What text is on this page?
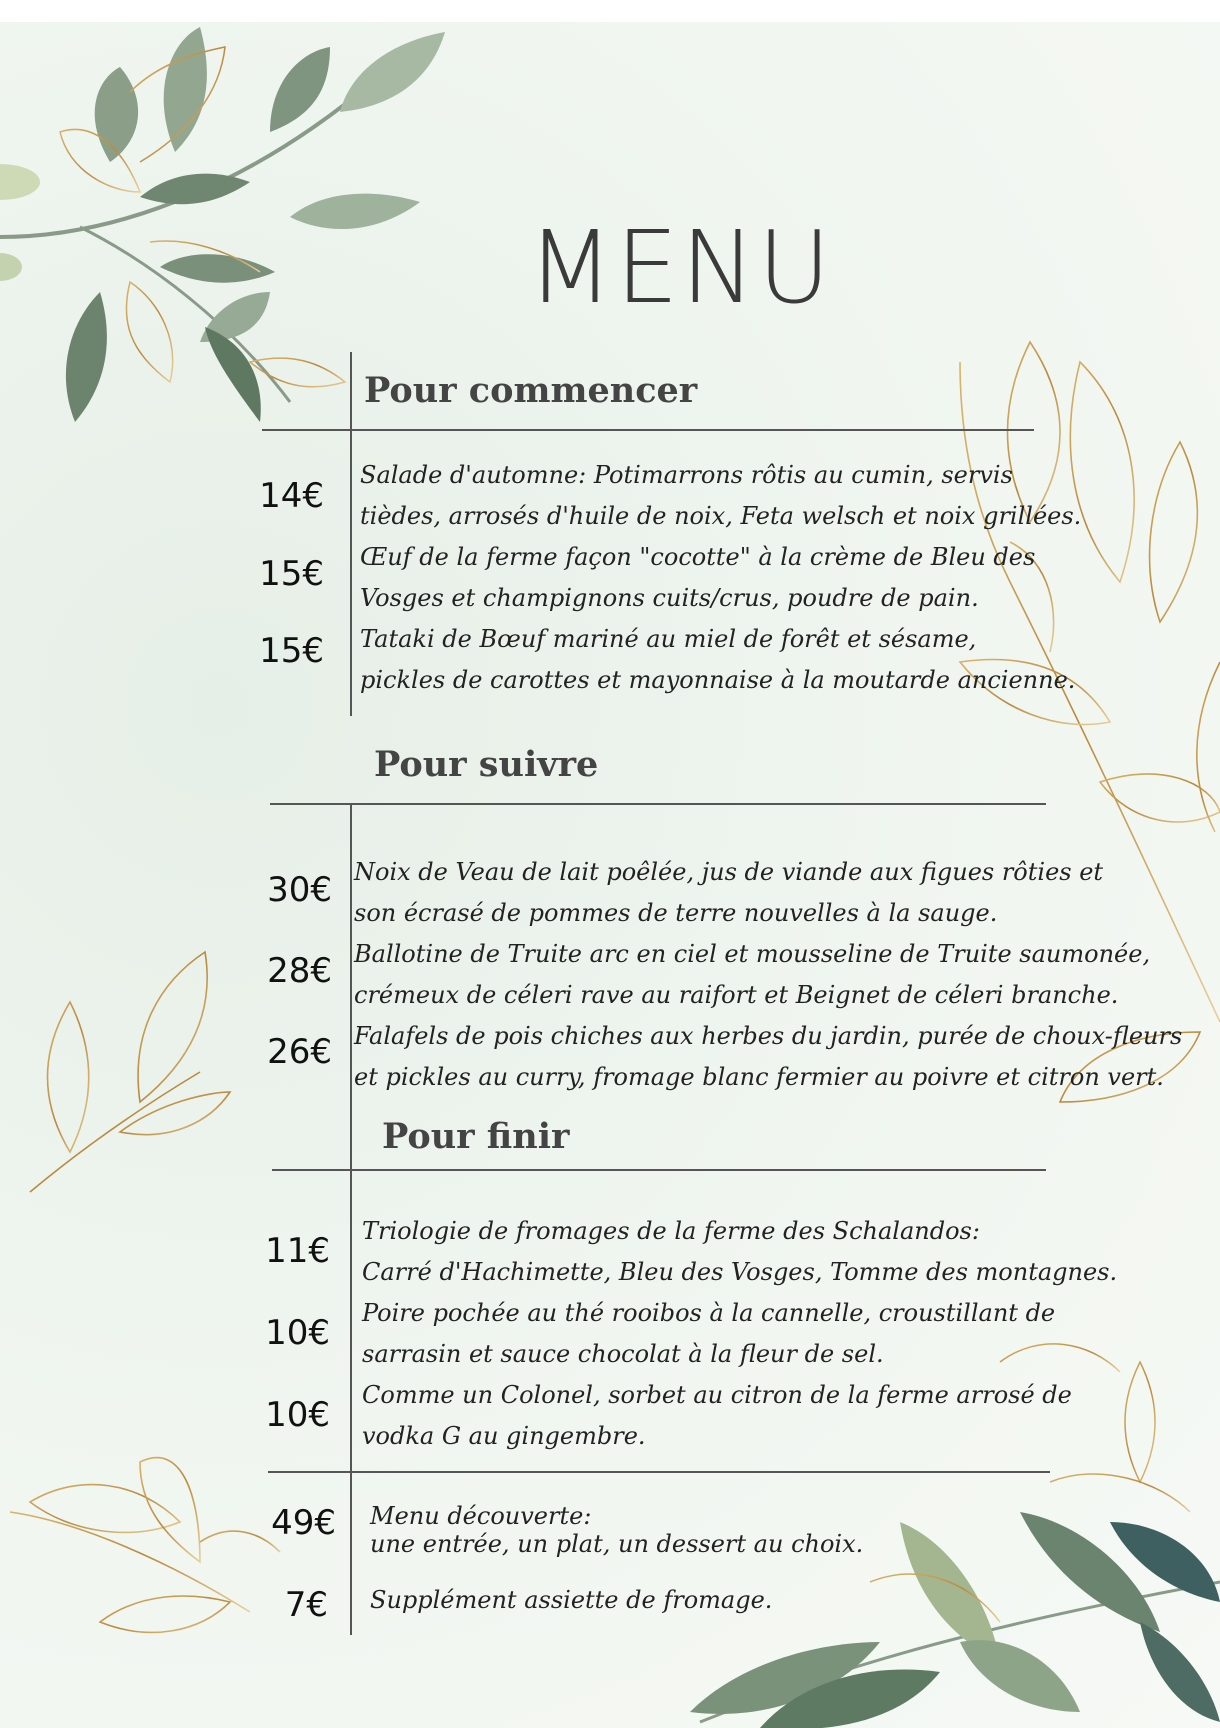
MENU
Pour commencer
14€
Salade d'automne: Potimarrons rôtis au cumin, servis
tièdes, arrosés d'huile de noix, Feta welsch et noix grillées.
15€ Œuf de la ferme façon "cocotte" à la crème de Bleu des
Vosges et champignons cuits/crus, poudre de pain.
15€ Tataki de Bœuf mariné au miel de forêt et sésame,
pickles de carottes et mayonnaise à la moutarde ancienne.
Pour suivre
30€ Noix de Veau de lait poêlée, jus de viande aux figues rôties et
son écrasé de pommes de terre nouvelles à la sauge.
28€ Ballotine de Truite arc en ciel et mousseline de Truite saumonée,
crémeux de céleri rave au raifort et Beignet de céleri branche.
26€ Falafels de pois chiches aux herbes du jardin, purée de choux-fleurs
et pickles au curry, fromage blanc fermier au poivre et citron vert.
Pour finir
11€ Triologie de fromages de la ferme des Schalandos:
Carré d'Hachimette, Bleu des Vosges, Tomme des montagnes.
10€ Poire pochée au thé rooibos à la cannelle, croustillant de
sarrasin et sauce chocolat à la fleur de sel.
10€ Comme un Colonel, sorbet au citron de la ferme arrosé de
vodka G au gingembre.
49€ Menu découverte:
une entrée, un plat, un dessert au choix.
7€ Supplément assiette de fromage.
